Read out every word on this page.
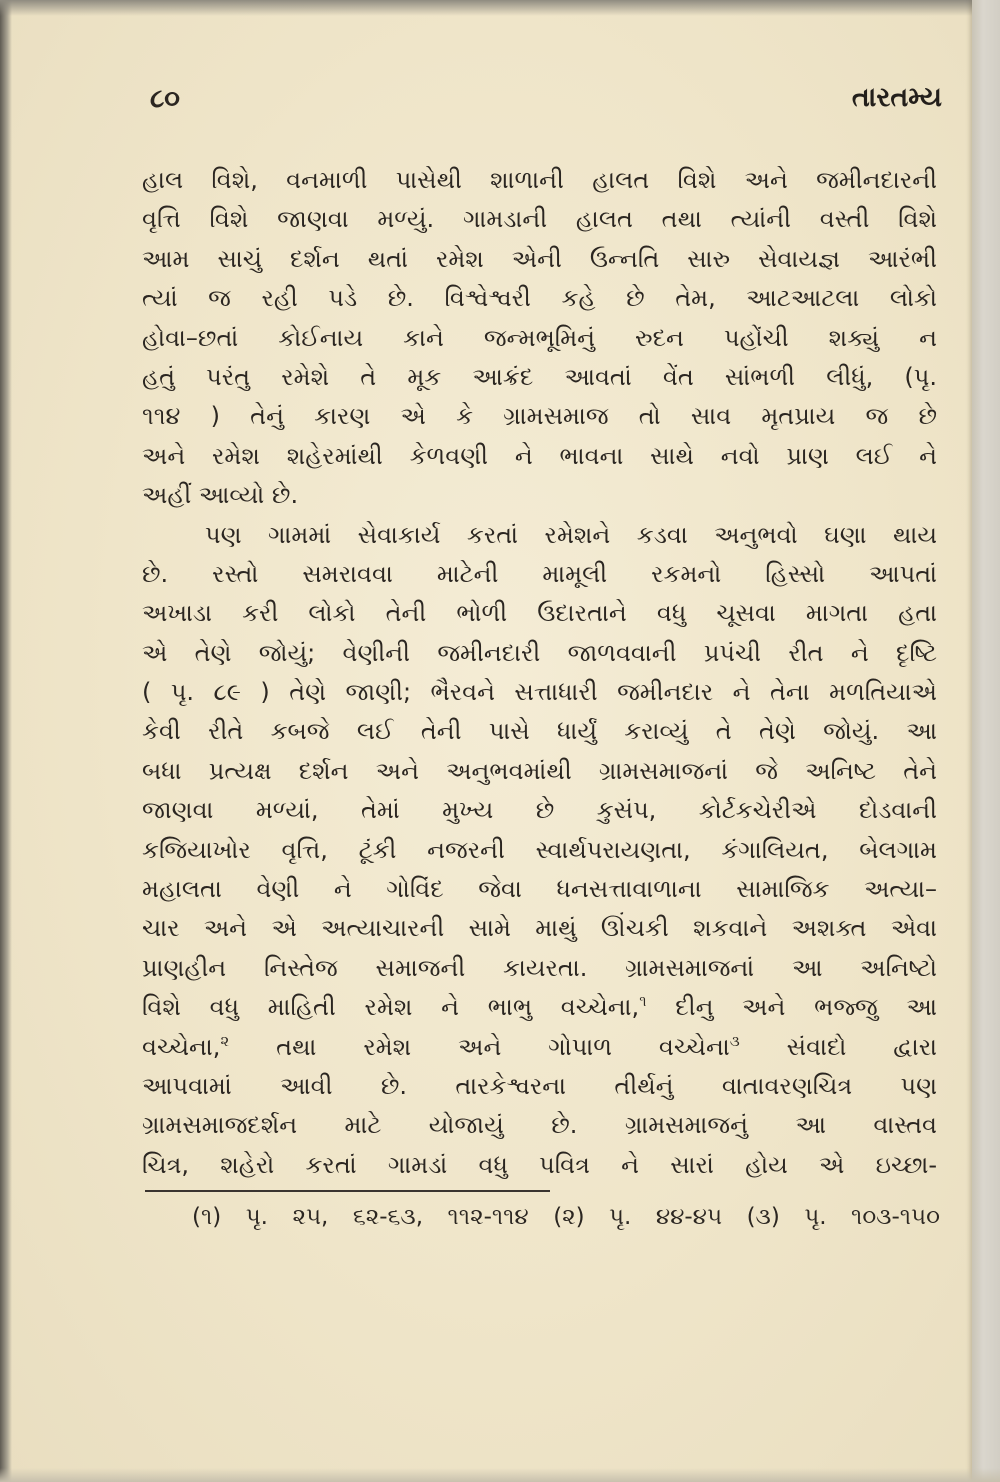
૮૦	તારતમ્ય
હાલ વિશે, વનમાળી પાસેથી શાળાની હાલત વિશે અને જમીનદારની
વૃત્તિ વિશે જાણવા મળ્યું. ગામડાની હાલત તથા ત્યાંની વસ્તી વિશે
આમ સાચું દર્શન થતાં રમેશ એની ઉન્નતિ સારુ સેવાયજ્ઞ આરંભી
ત્યાં જ રહી પડે છે. વિશ્વેશ્વરી કહે છે તેમ, આટઆટલા લોકો
હોવા–છતાં કોઈનાય કાને જન્મભૂમિનું રુદન પહોંચી શક્યું ન
હતું પરંતુ રમેશે તે મૂક આક્રંદ આવતાં વેંત સાંભળી લીધું, (પૃ.
૧૧૪ ) તેનું કારણ એ કે ગ્રામસમાજ તો સાવ મૃતપ્રાય જ છે
અને રમેશ શહેરમાંથી કેળવણી ને ભાવના સાથે નવો પ્રાણ લઈ ને
અહીં આવ્યો છે.
પણ ગામમાં સેવાકાર્ય કરતાં રમેશને કડવા અનુભવો ઘણા થાય
છે. રસ્તો સમરાવવા માટેની મામૂલી રકમનો હિસ્સો આપતાં
અખાડા કરી લોકો તેની ભોળી ઉદારતાને વધુ ચૂસવા માગતા હતા
એ તેણે જોયું; વેણીની જમીનદારી જાળવવાની પ્રપંચી રીત ને દૃષ્ટિ
( પૃ. ૮૯ ) તેણે જાણી; ભૈરવને સત્તાધારી જમીનદાર ને તેના મળતિયાએ
કેવી રીતે કબજે લઈ તેની પાસે ધાર્યું કરાવ્યું તે તેણે જોયું. આ
બધા પ્રત્યક્ષ દર્શન અને અનુભવમાંથી ગ્રામસમાજનાં જે અનિષ્ટ તેને
જાણવા મળ્યાં, તેમાં મુખ્ય છે કુસંપ, કોર્ટકચેરીએ દોડવાની
કજિયાખોર વૃત્તિ, ટૂંકી નજરની સ્વાર્થપરાયણતા, કંગાલિયત, બેલગામ
મહાલતા વેણી ને ગોવિંદ જેવા ધનસત્તાવાળાના સામાજિક અત્યા–
ચાર અને એ અત્યાચારની સામે માથું ઊંચકી શકવાને અશક્ત એવા
પ્રાણહીન નિસ્તેજ સમાજની કાયરતા. ગ્રામસમાજનાં આ અનિષ્ટો
વિશે વધુ માહિતી રમેશ ને ભાભુ વચ્ચેના,$^૧$ દીનુ અને ભજ્જુ આ
વચ્ચેના,$^૨$ તથા રમેશ અને ગોપાળ વચ્ચેના$^૩$ સંવાદો દ્વારા
આપવામાં આવી છે. તારકેશ્વરના તીર્થનું વાતાવરણચિત્ર પણ
ગ્રામસમાજદર્શન માટે યોજાયું છે. ગ્રામસમાજનું આ વાસ્તવ
ચિત્ર, શહેરો કરતાં ગામડાં વધુ પવિત્ર ને સારાં હોય એ ઇચ્છા-
(૧) પૃ. ૨૫, ૬૨-૬૩, ૧૧૨-૧૧૪ (૨) પૃ. ૪૪-૪૫ (૩) પૃ. ૧૦૩-૧૫૦
